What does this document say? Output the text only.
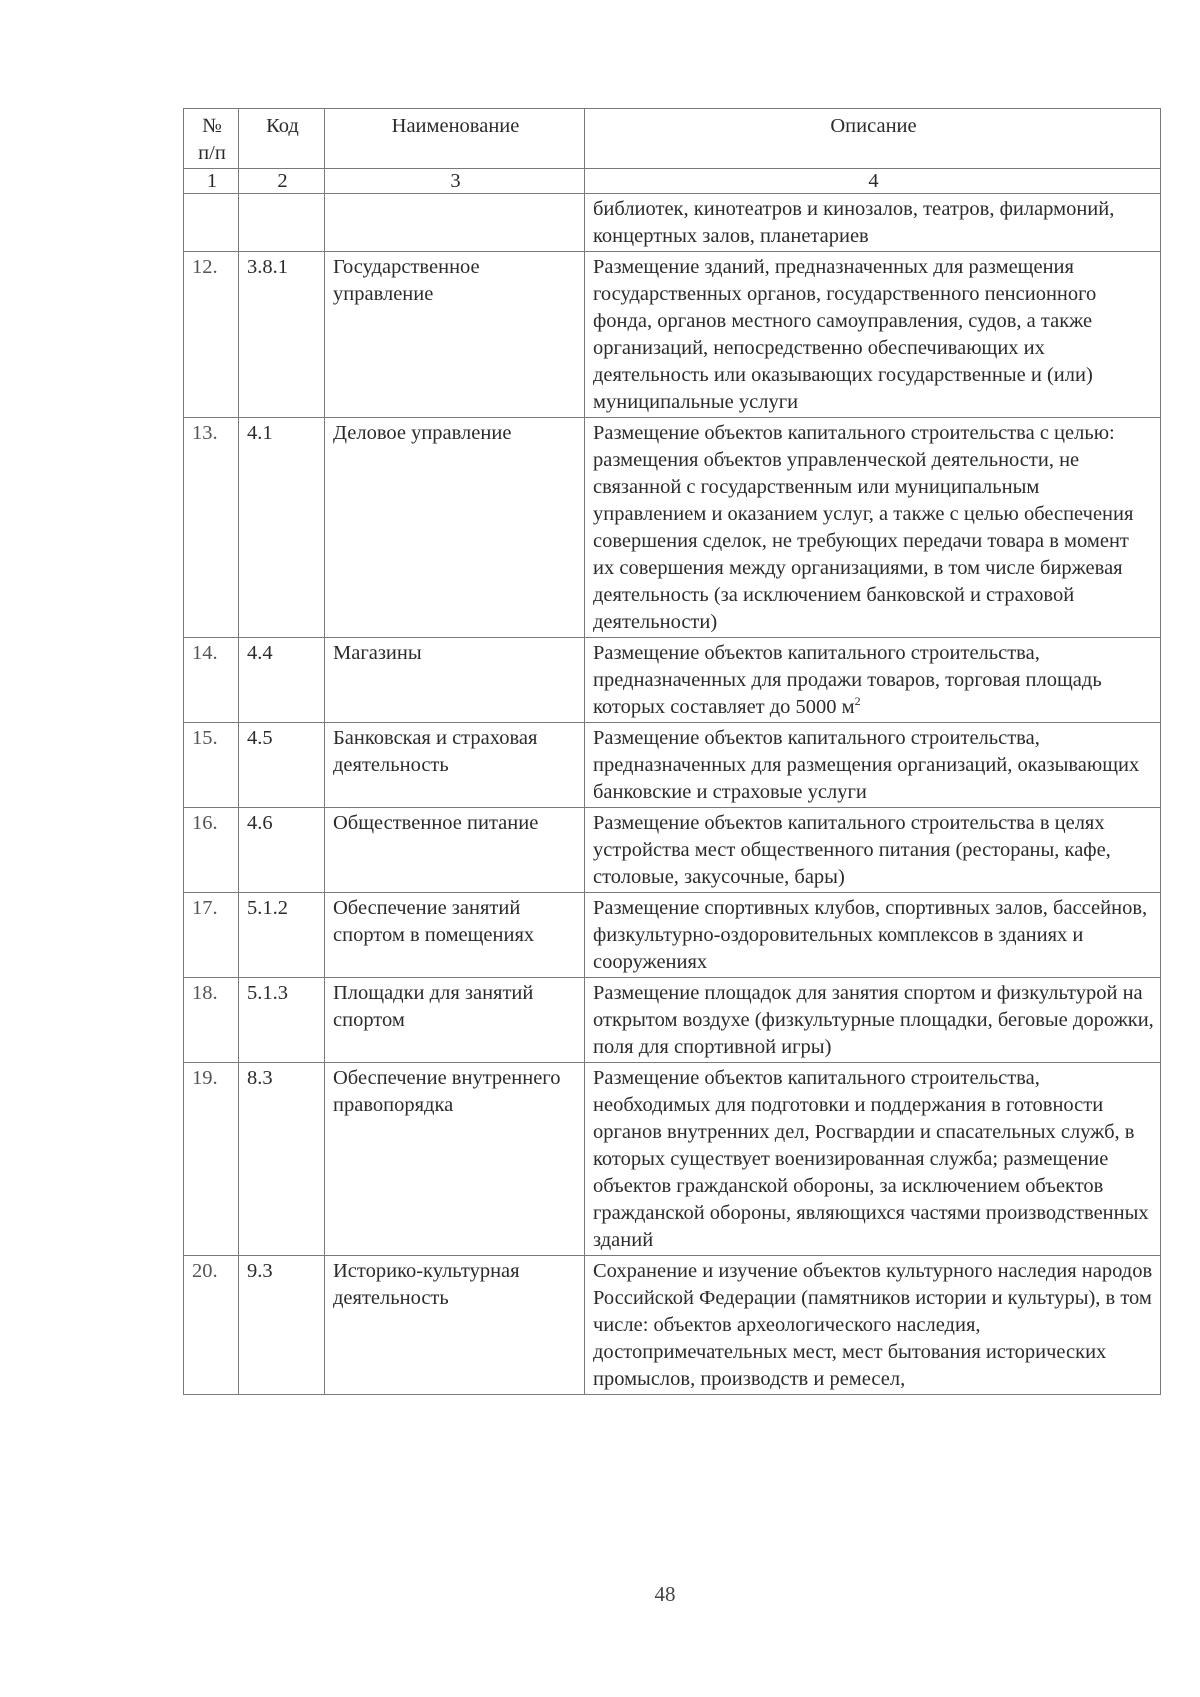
№ п/п	Код	Наименование	Описание
1	2	3	4
			библиотек, кинотеатров и кинозалов, театров, филармоний, концертных залов, планетариев
12.	3.8.1	Государственное управление	Размещение зданий, предназначенных для размещения государственных органов, государственного пенсионного фонда, органов местного самоуправления, судов, а также организаций, непосредственно обеспечивающих их деятельность или оказывающих государственные и (или) муниципальные услуги
13.	4.1	Деловое управление	Размещение объектов капитального строительства с целью: размещения объектов управленческой деятельности, не связанной с государственным или муниципальным управлением и оказанием услуг, а также с целью обеспечения совершения сделок, не требующих передачи товара в момент их совершения между организациями, в том числе биржевая деятельность (за исключением банковской и страховой деятельности)
14.	4.4	Магазины	Размещение объектов капитального строительства, предназначенных для продажи товаров, торговая площадь которых составляет до 5000 $м^2$
15.	4.5	Банковская и страховая деятельность	Размещение объектов капитального строительства, предназначенных для размещения организаций, оказывающих банковские и страховые услуги
16.	4.6	Общественное питание	Размещение объектов капитального строительства в целях устройства мест общественного питания (рестораны, кафе, столовые, закусочные, бары)
17.	5.1.2	Обеспечение занятий спортом в помещениях	Размещение спортивных клубов, спортивных залов, бассейнов, физкультурно-оздоровительных комплексов в зданиях и сооружениях
18.	5.1.3	Площадки для занятий спортом	Размещение площадок для занятия спортом и физкультурой на открытом воздухе (физкультурные площадки, беговые дорожки, поля для спортивной игры)
19.	8.3	Обеспечение внутреннего правопорядка	Размещение объектов капитального строительства, необходимых для подготовки и поддержания в готовности органов внутренних дел, Росгвардии и спасательных служб, в которых существует военизированная служба; размещение объектов гражданской обороны, за исключением объектов гражданской обороны, являющихся частями производственных зданий
20.	9.3	Историко-культурная деятельность	Сохранение и изучение объектов культурного наследия народов Российской Федерации (памятников истории и культуры), в том числе: объектов археологического наследия, достопримечательных мест, мест бытования исторических промыслов, производств и ремесел,
48
